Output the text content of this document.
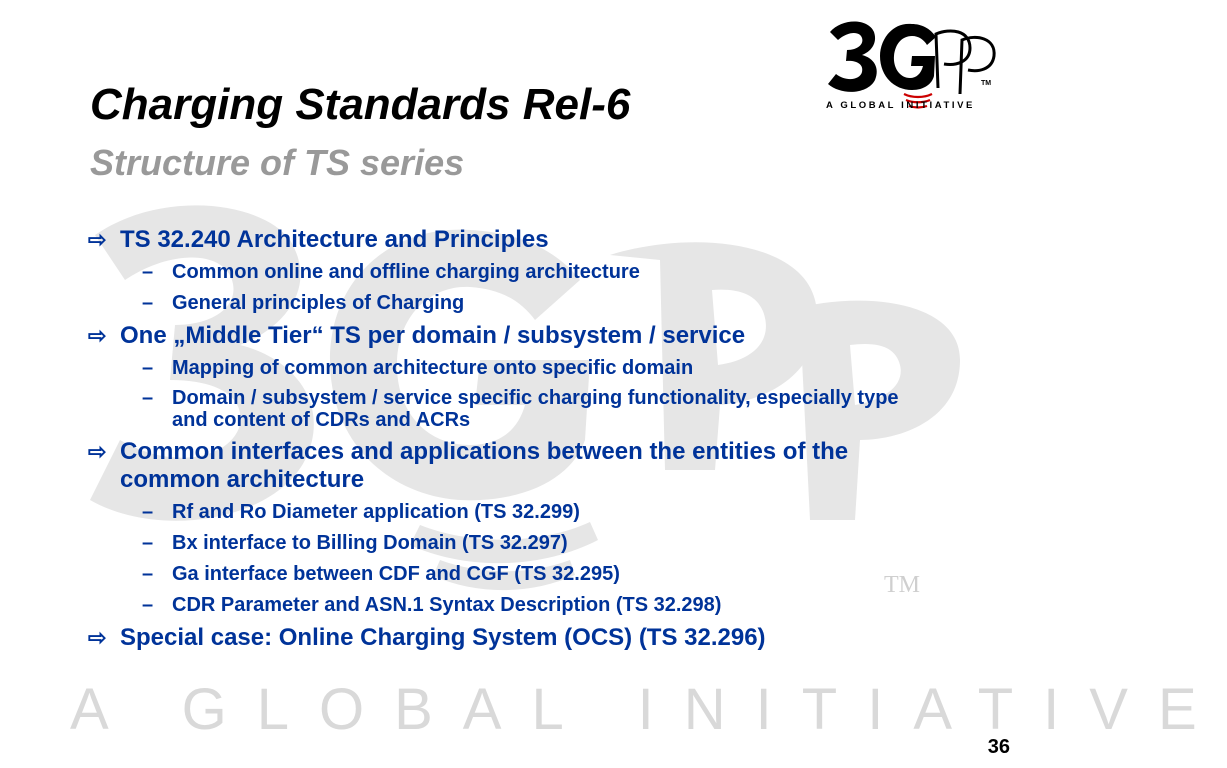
TM
A GLOBAL INITIATIVE
TM
A GLOBAL INITIATIVE
Charging Standards Rel-6
Structure of TS series
⇨ TS 32.240 Architecture and Principles
– Common online and offline charging architecture
– General principles of Charging
⇨ One „Middle Tier“ TS per domain / subsystem / service
– Mapping of common architecture onto specific domain
– Domain / subsystem / service specific charging functionality, especially type and content of CDRs and ACRs
⇨ Common interfaces and applications between the entities of the common architecture
– Rf and Ro Diameter application (TS 32.299)
– Bx interface to Billing Domain (TS 32.297)
– Ga interface between CDF and CGF (TS 32.295)
– CDR Parameter and ASN.1 Syntax Description (TS 32.298)
⇨ Special case: Online Charging System (OCS) (TS 32.296)
36
